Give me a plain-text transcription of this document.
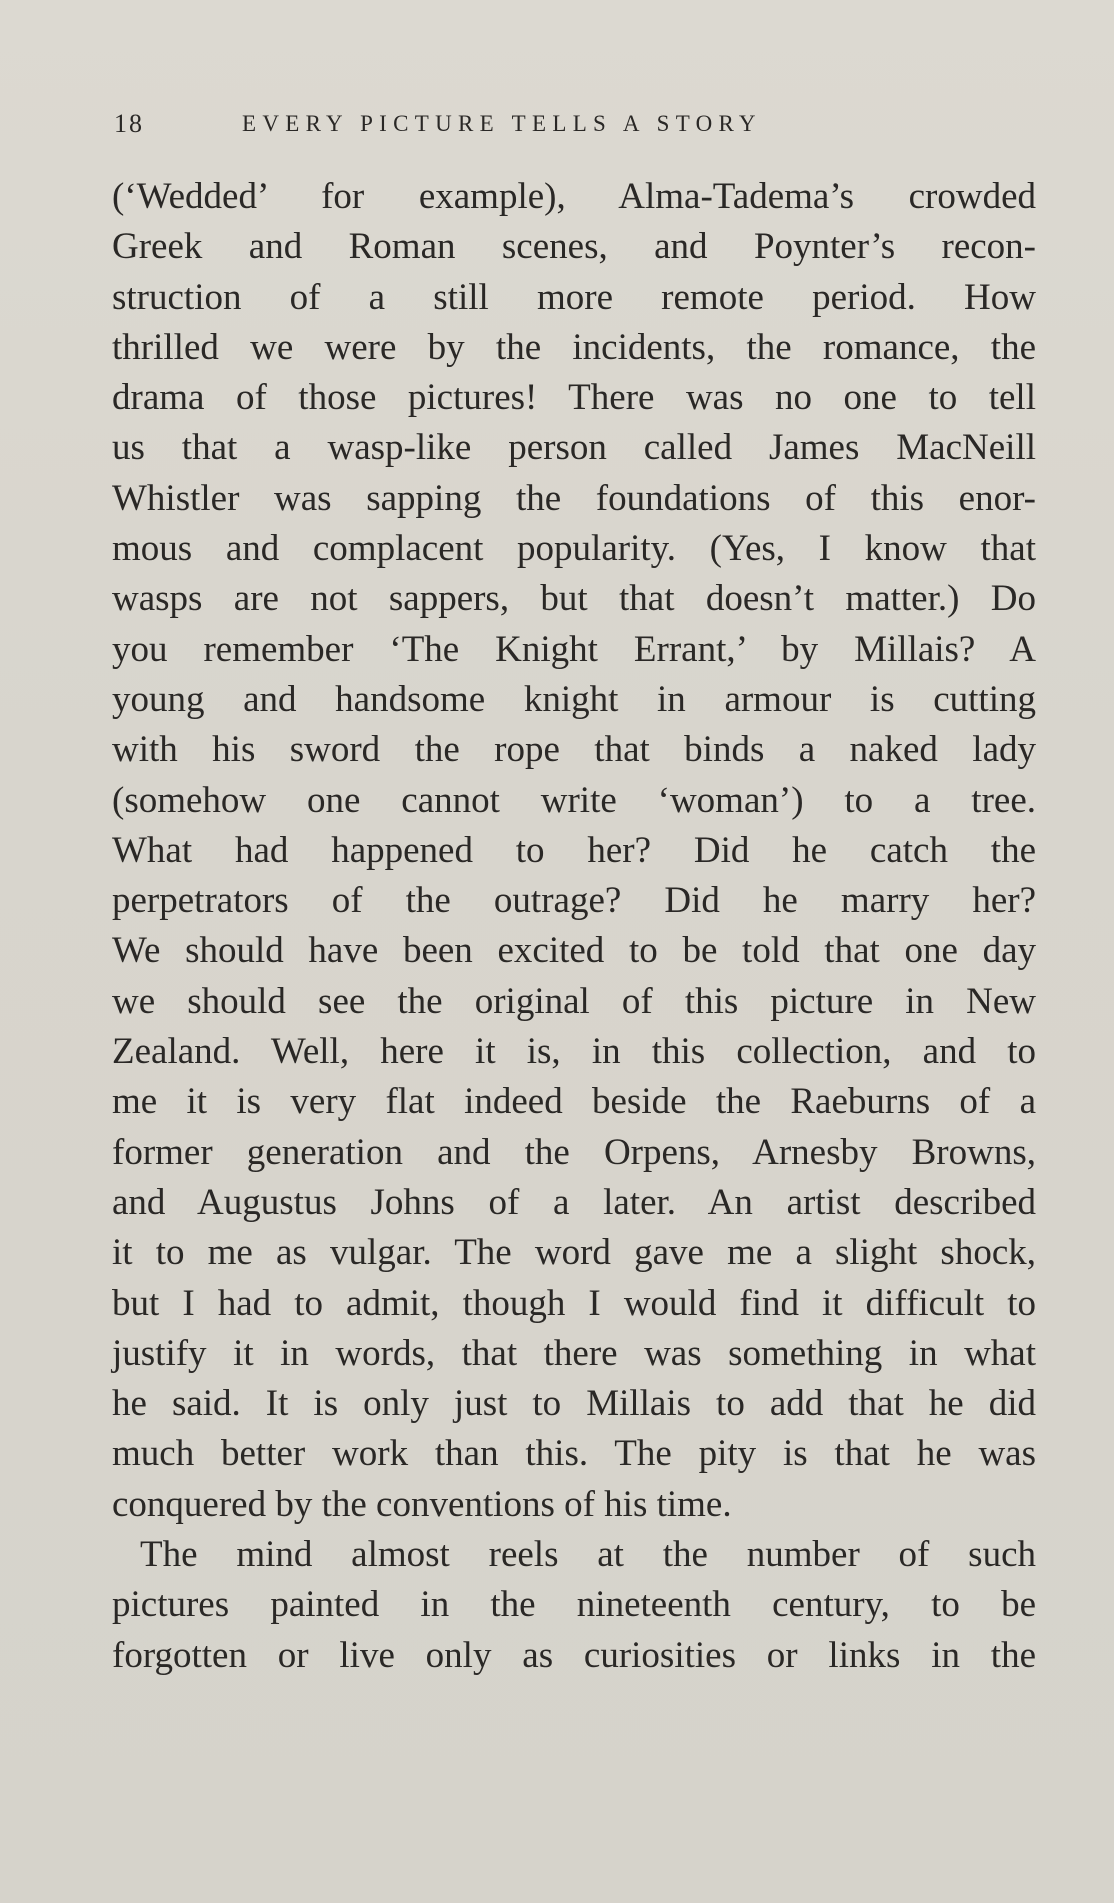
18	EVERY PICTURE TELLS A STORY
(‘Wedded’ for example), Alma-Tadema’s crowded
Greek and Roman scenes, and Poynter’s recon-
struction of a still more remote period. How
thrilled we were by the incidents, the romance, the
drama of those pictures! There was no one to tell
us that a wasp-like person called James MacNeill
Whistler was sapping the foundations of this enor-
mous and complacent popularity. (Yes, I know that
wasps are not sappers, but that doesn’t matter.) Do
you remember ‘The Knight Errant,’ by Millais? A
young and handsome knight in armour is cutting
with his sword the rope that binds a naked lady
(somehow one cannot write ‘woman’) to a tree.
What had happened to her? Did he catch the
perpetrators of the outrage? Did he marry her?
We should have been excited to be told that one day
we should see the original of this picture in New
Zealand. Well, here it is, in this collection, and to
me it is very flat indeed beside the Raeburns of a
former generation and the Orpens, Arnesby Browns,
and Augustus Johns of a later. An artist described
it to me as vulgar. The word gave me a slight shock,
but I had to admit, though I would find it difficult to
justify it in words, that there was something in what
he said. It is only just to Millais to add that he did
much better work than this. The pity is that he was
conquered by the conventions of his time.
The mind almost reels at the number of such
pictures painted in the nineteenth century, to be
forgotten or live only as curiosities or links in the
